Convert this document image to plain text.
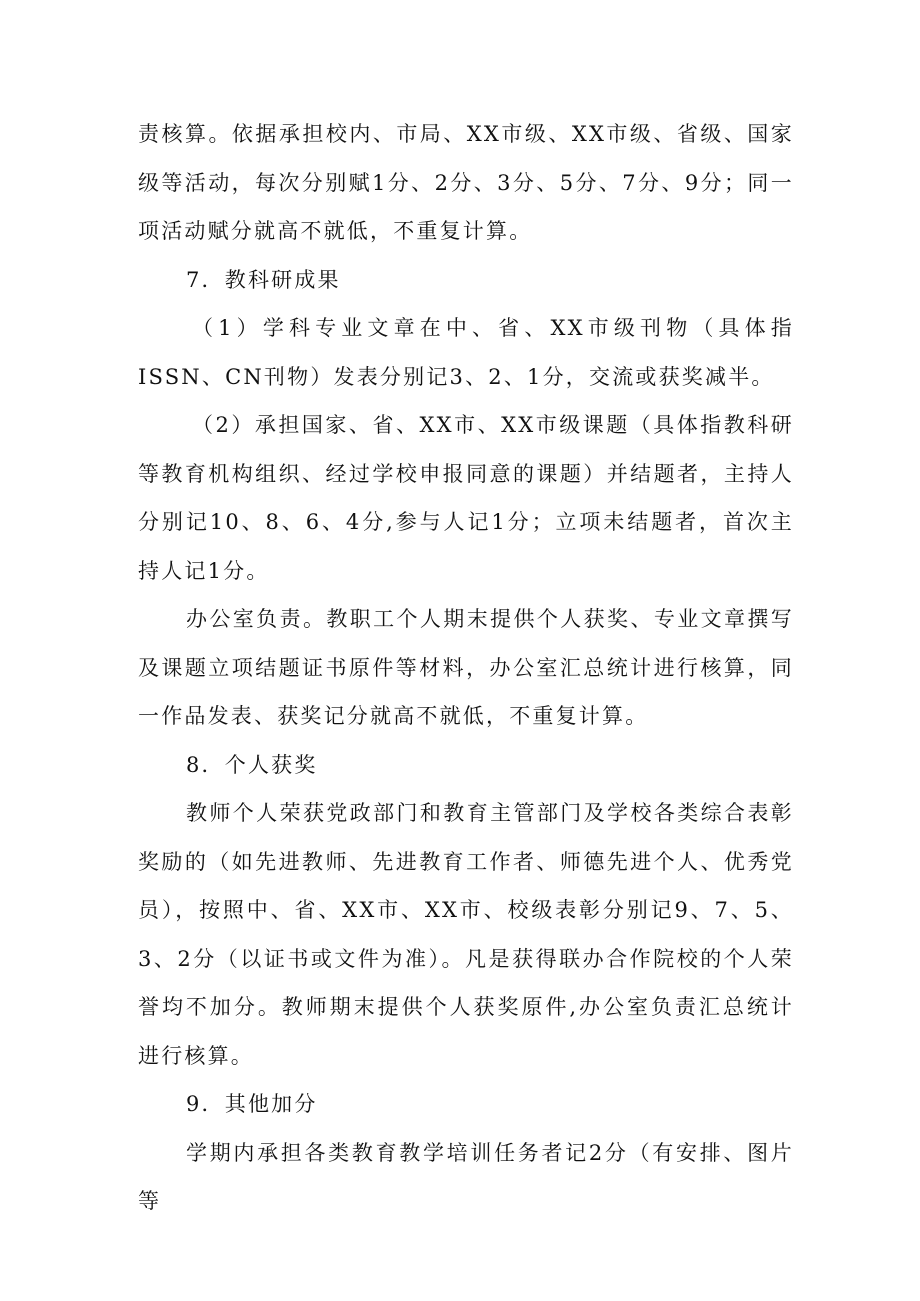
责核算。依据承担校内、市局、XX市级、XX市级、省级、国家级等活动，每次分别赋1分、2分、3分、5分、7分、9分；同一项活动赋分就高不就低，不重复计算。

7．教科研成果

（1）学科专业文章在中、省、XX市级刊物（具体指ISSN、CN刊物）发表分别记3、2、1分，交流或获奖减半。

（2）承担国家、省、XX市、XX市级课题（具体指教科研等教育机构组织、经过学校申报同意的课题）并结题者，主持人分别记10、8、6、4分,参与人记1分；立项未结题者，首次主持人记1分。

办公室负责。教职工个人期末提供个人获奖、专业文章撰写及课题立项结题证书原件等材料，办公室汇总统计进行核算，同一作品发表、获奖记分就高不就低，不重复计算。

8．个人获奖

教师个人荣获党政部门和教育主管部门及学校各类综合表彰奖励的（如先进教师、先进教育工作者、师德先进个人、优秀党员），按照中、省、XX市、XX市、校级表彰分别记9、7、5、3、2分（以证书或文件为准）。凡是获得联办合作院校的个人荣誉均不加分。教师期末提供个人获奖原件,办公室负责汇总统计进行核算。

9．其他加分

学期内承担各类教育教学培训任务者记2分（有安排、图片等
